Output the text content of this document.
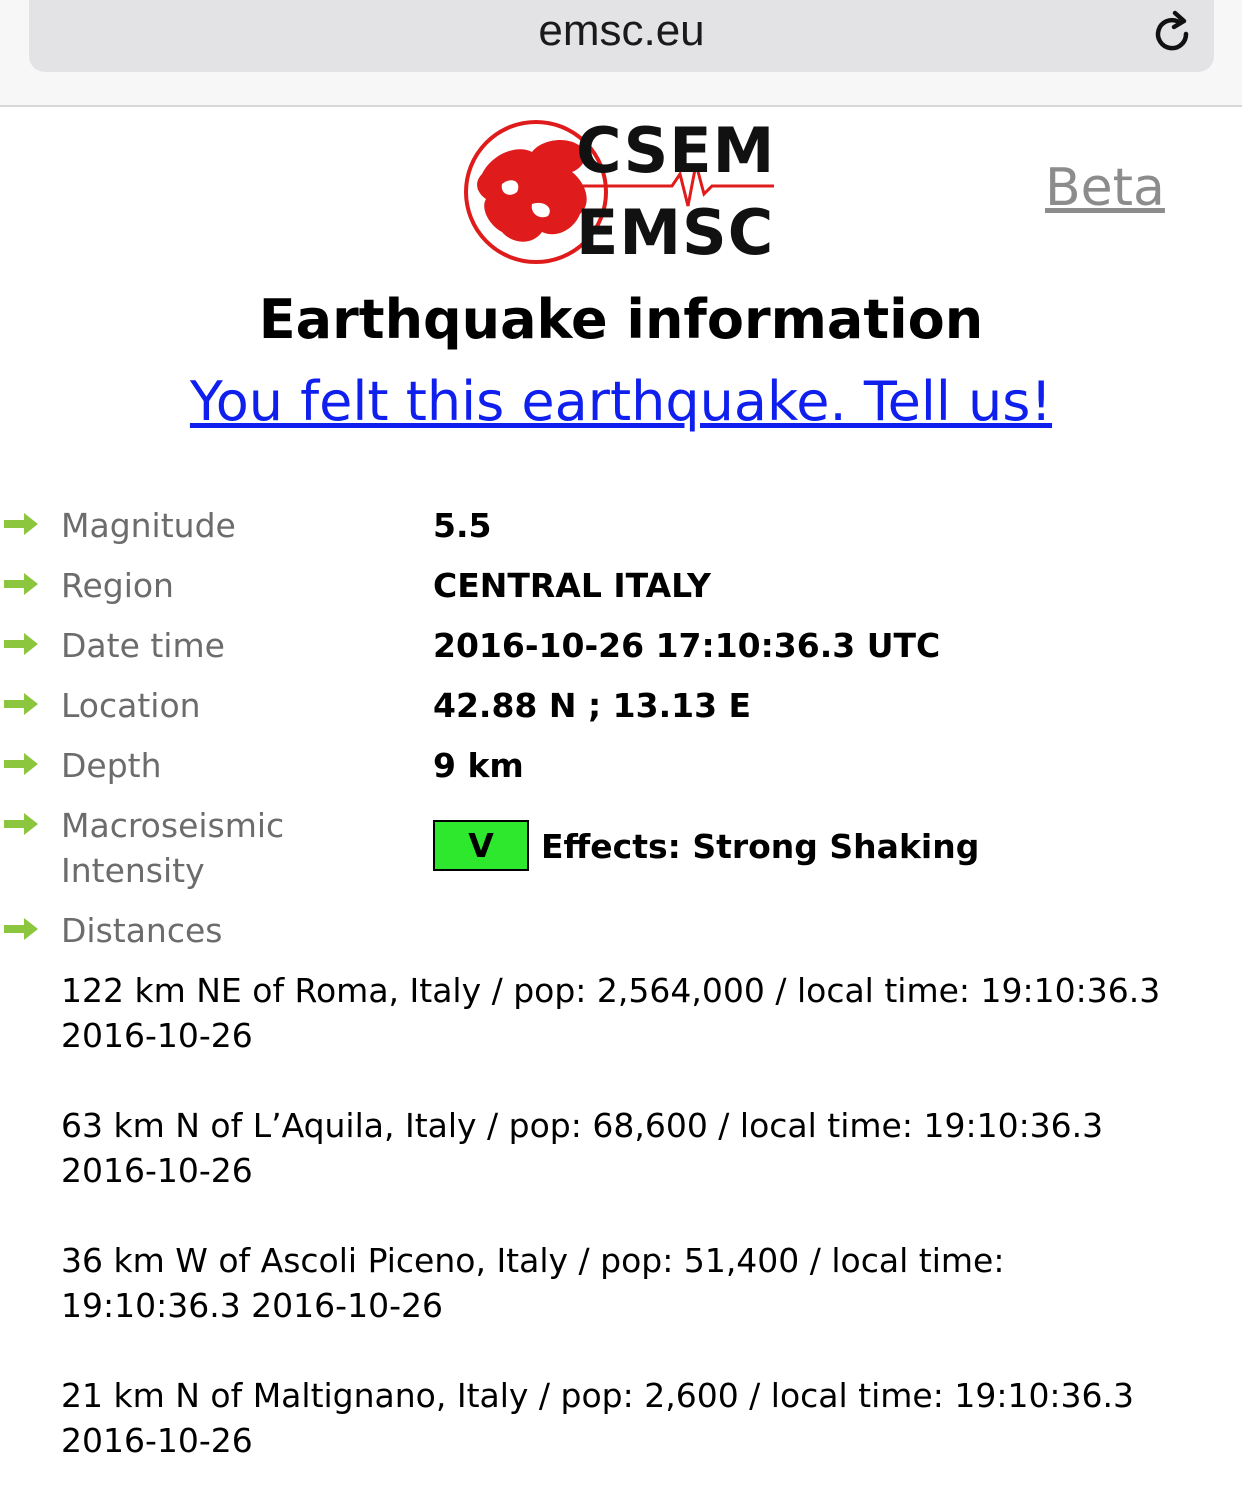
emsc.eu
CSEM
EMSC
Beta
Earthquake information
You felt this earthquake. Tell us!
Magnitude	5.5
Region	CENTRAL ITALY
Date time	2016-10-26 17:10:36.3 UTC
Location	42.88 N ; 13.13 E
Depth	9 km
Macroseismic
Intensity
V	Effects: Strong Shaking
Distances
122 km NE of Roma, Italy / pop: 2,564,000 / local time: 19:10:36.3
2016-10-26
63 km N of L’Aquila, Italy / pop: 68,600 / local time: 19:10:36.3
2016-10-26
36 km W of Ascoli Piceno, Italy / pop: 51,400 / local time:
19:10:36.3 2016-10-26
21 km N of Maltignano, Italy / pop: 2,600 / local time: 19:10:36.3
2016-10-26
